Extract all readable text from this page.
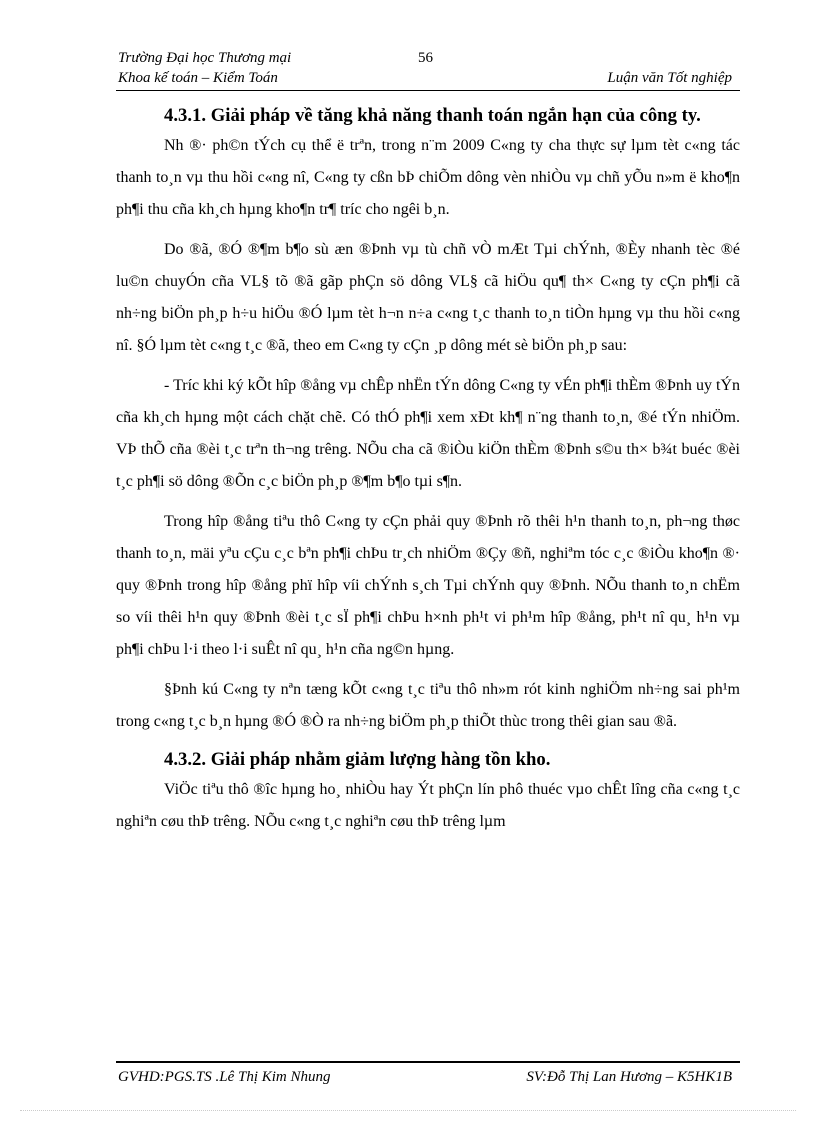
Trường Đại học Thương mại	56
Khoa kế toán – Kiểm Toán	Luận văn Tốt nghiệp
4.3.1. Giải pháp về tăng khả năng thanh toán ngắn hạn của công ty.

Nh ®· ph©n tÝch cụ thể ë trªn, trong n¨m 2009 C«ng ty cha thực sự lµm tèt c«ng tác thanh to¸n vµ thu hồi c«ng nî, C«ng ty cßn bÞ chiÕm dông vèn nhiÒu vµ chñ yÕu n»m ë kho¶n ph¶i thu cña kh¸ch hµng kho¶n tr¶ tríc cho ngêi b¸n.

Do ®ã, ®Ó ®¶m b¶o sù æn ®Þnh vµ tù chñ vÒ mÆt Tµi chÝnh, ®Èy nhanh tèc ®é lu©n chuyÓn cña VL§ tõ ®ã gãp phÇn sö dông VL§ cã hiÖu qu¶ th× C«ng ty cÇn ph¶i cã nh÷ng biÖn ph¸p h÷u hiÖu ®Ó lµm tèt h¬n n÷a c«ng t¸c thanh to¸n tiÒn hµng vµ thu hồi c«ng nî. §Ó lµm tèt c«ng t¸c ®ã, theo em C«ng ty cÇn ¸p dông mét sè biÖn ph¸p sau:

- Tríc khi ký kÕt hîp ®ång vµ chÊp nhËn tÝn dông C«ng ty vÉn ph¶i thÈm ®Þnh uy tÝn cña kh¸ch hµng một cách chặt chẽ. Có thÓ ph¶i xem xÐt kh¶ n¨ng thanh to¸n, ®é tÝn nhiÖm. VÞ thÕ cña ®èi t¸c trªn th¬ng trêng. NÕu cha cã ®iÒu kiÖn thÈm ®Þnh s©u th× b¾t buéc ®èi t¸c ph¶i sö dông ®Õn c¸c biÖn ph¸p ®¶m b¶o tµi s¶n.

Trong hîp ®ång tiªu thô C«ng ty cÇn phải quy ®Þnh rõ thêi h¹n thanh to¸n, ph¬ng thøc thanh to¸n, mäi yªu cÇu c¸c bªn ph¶i chÞu tr¸ch nhiÖm ®Çy ®ñ, nghiªm tóc c¸c ®iÒu kho¶n ®· quy ®Þnh trong hîp ®ång phï hîp víi chÝnh s¸ch Tµi chÝnh quy ®Þnh. NÕu thanh to¸n chËm so víi thêi h¹n quy ®Þnh ®èi t¸c sÏ ph¶i chÞu h×nh ph¹t vi ph¹m hîp ®ång, ph¹t nî qu¸ h¹n vµ ph¶i chÞu l·i theo l·i suÊt nî qu¸ h¹n cña ng©n hµng.

§Þnh kú C«ng ty nªn tæng kÕt c«ng t¸c tiªu thô nh»m rót kinh nghiÖm nh÷ng sai ph¹m trong c«ng t¸c b¸n hµng ®Ó ®Ò ra nh÷ng biÖm ph¸p thiÕt thùc trong thêi gian sau ®ã.

4.3.2. Giải pháp nhằm giảm lượng hàng tồn kho.

ViÖc tiªu thô ®îc hµng ho¸ nhiÒu hay Ýt phÇn lín phô thuéc vµo chÊt lîng cña c«ng t¸c nghiªn cøu thÞ trêng. NÕu c«ng t¸c nghiªn cøu thÞ trêng lµm

GVHD:PGS.TS .Lê Thị Kim Nhung	SV:Đỗ Thị Lan Hương – K5HK1B
